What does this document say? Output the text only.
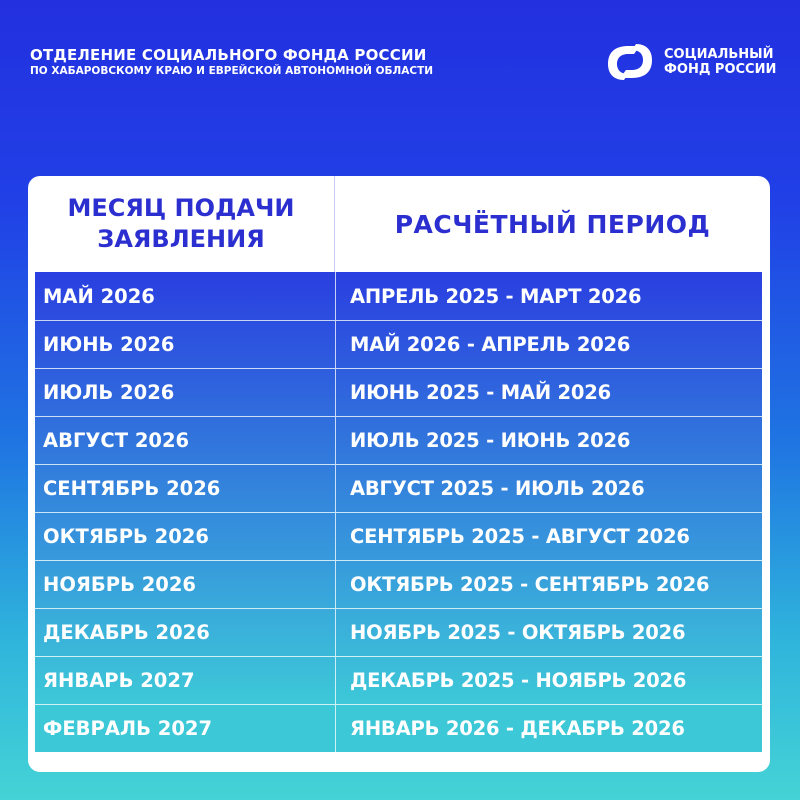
ОТДЕЛЕНИЕ СОЦИАЛЬНОГО ФОНДА РОССИИ
ПО ХАБАРОВСКОМУ КРАЮ И ЕВРЕЙСКОЙ АВТОНОМНОЙ ОБЛАСТИ
СОЦИАЛЬНЫЙ
ФОНД РОССИИ
МЕСЯЦ ПОДАЧИ
ЗАЯВЛЕНИЯ
РАСЧЁТНЫЙ ПЕРИОД
МАЙ 2026	АПРЕЛЬ 2025 - МАРТ 2026
ИЮНЬ 2026	МАЙ 2026 - АПРЕЛЬ 2026
ИЮЛЬ 2026	ИЮНЬ 2025 - МАЙ 2026
АВГУСТ 2026	ИЮЛЬ 2025 - ИЮНЬ 2026
СЕНТЯБРЬ 2026	АВГУСТ 2025 - ИЮЛЬ 2026
ОКТЯБРЬ 2026	СЕНТЯБРЬ 2025 - АВГУСТ 2026
НОЯБРЬ 2026	ОКТЯБРЬ 2025 - СЕНТЯБРЬ 2026
ДЕКАБРЬ 2026	НОЯБРЬ 2025 - ОКТЯБРЬ 2026
ЯНВАРЬ 2027	ДЕКАБРЬ 2025 - НОЯБРЬ 2026
ФЕВРАЛЬ 2027	ЯНВАРЬ 2026 - ДЕКАБРЬ 2026
